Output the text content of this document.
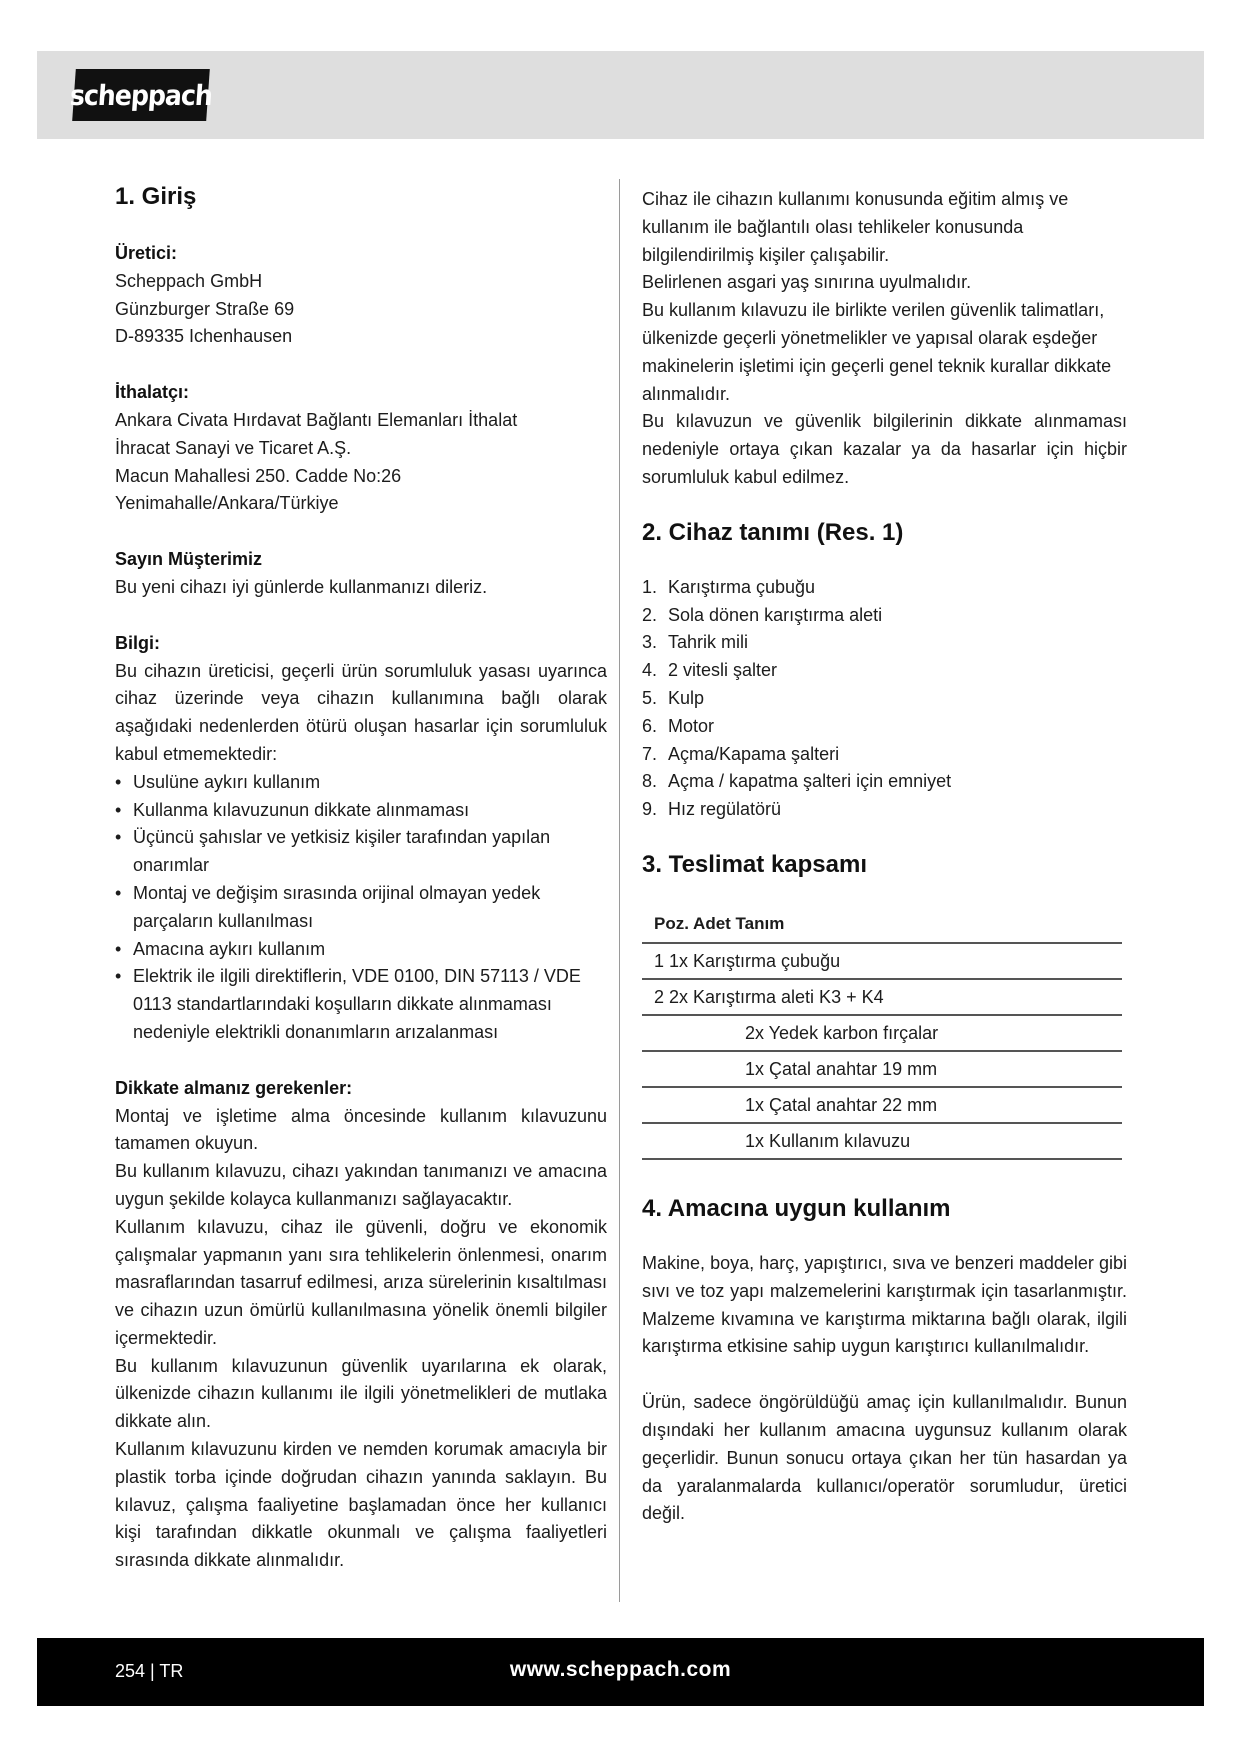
scheppach
1. Giriş

Üretici:

Scheppach GmbH

Günzburger Straße 69

D-89335 Ichenhausen

İthalatçı:

Ankara Civata Hırdavat Bağlantı Elemanları İthalat

İhracat Sanayi ve Ticaret A.Ş.

Macun Mahallesi 250. Cadde No:26

Yenimahalle/Ankara/Türkiye

Sayın Müşterimiz

Bu yeni cihazı iyi günlerde kullanmanızı dileriz.

Bilgi:

Bu cihazın üreticisi, geçerli ürün sorumluluk yasası uyarınca cihaz üzerinde veya cihazın kullanımına bağlı olarak aşağıdaki nedenlerden ötürü oluşan hasarlar için sorumluluk kabul etmemektedir:

• Usulüne aykırı kullanım
• Kullanma kılavuzunun dikkate alınmaması
• Üçüncü şahıslar ve yetkisiz kişiler tarafından yapılan onarımlar
• Montaj ve değişim sırasında orijinal olmayan yedek parçaların kullanılması
• Amacına aykırı kullanım
• Elektrik ile ilgili direktiflerin, VDE 0100, DIN 57113 / VDE 0113 standartlarındaki koşulların dikkate alınmaması nedeniyle elektrikli donanımların arızalanması

Dikkate almanız gerekenler:

Montaj ve işletime alma öncesinde kullanım kılavuzunu tamamen okuyun.

Bu kullanım kılavuzu, cihazı yakından tanımanızı ve amacına uygun şekilde kolayca kullanmanızı sağlayacaktır.

Kullanım kılavuzu, cihaz ile güvenli, doğru ve ekonomik çalışmalar yapmanın yanı sıra tehlikelerin önlenmesi, onarım masraflarından tasarruf edilmesi, arıza sürelerinin kısaltılması ve cihazın uzun ömürlü kullanılmasına yönelik önemli bilgiler içermektedir.

Bu kullanım kılavuzunun güvenlik uyarılarına ek olarak, ülkenizde cihazın kullanımı ile ilgili yönetmelikleri de mutlaka dikkate alın.

Kullanım kılavuzunu kirden ve nemden korumak amacıyla bir plastik torba içinde doğrudan cihazın yanında saklayın. Bu kılavuz, çalışma faaliyetine başlamadan önce her kullanıcı kişi tarafından dikkatle okunmalı ve çalışma faaliyetleri sırasında dikkate alınmalıdır.

Cihaz ile cihazın kullanımı konusunda eğitim almış ve kullanım ile bağlantılı olası tehlikeler konusunda bilgilendirilmiş kişiler çalışabilir.

Belirlenen asgari yaş sınırına uyulmalıdır.

Bu kullanım kılavuzu ile birlikte verilen güvenlik talimatları, ülkenizde geçerli yönetmelikler ve yapısal olarak eşdeğer makinelerin işletimi için geçerli genel teknik kurallar dikkate alınmalıdır.

Bu kılavuzun ve güvenlik bilgilerinin dikkate alınmaması nedeniyle ortaya çıkan kazalar ya da hasarlar için hiçbir sorumluluk kabul edilmez.

2. Cihaz tanımı (Res. 1)
1. Karıştırma çubuğu
2. Sola dönen karıştırma aleti
3. Tahrik mili
4. 2 vitesli şalter
5. Kulp
6. Motor
7. Açma/Kapama şalteri
8. Açma / kapatma şalteri için emniyet
9. Hız regülatörü
3. Teslimat kapsamı
Poz. Adet Tanım
1 1x Karıştırma çubuğu
2 2x Karıştırma aleti K3 + K4
2x Yedek karbon fırçalar
1x Çatal anahtar 19 mm
1x Çatal anahtar 22 mm
1x Kullanım kılavuzu
4. Amacına uygun kullanım

Makine, boya, harç, yapıştırıcı, sıva ve benzeri maddeler gibi sıvı ve toz yapı malzemelerini karıştırmak için tasarlanmıştır. Malzeme kıvamına ve karıştırma miktarına bağlı olarak, ilgili karıştırma etkisine sahip uygun karıştırıcı kullanılmalıdır.

Ürün, sadece öngörüldüğü amaç için kullanılmalıdır. Bunun dışındaki her kullanım amacına uygunsuz kullanım olarak geçerlidir. Bunun sonucu ortaya çıkan her tün hasardan ya da yaralanmalarda kullanıcı/operatör sorumludur, üretici değil.

254 | TR	www.scheppach.com
